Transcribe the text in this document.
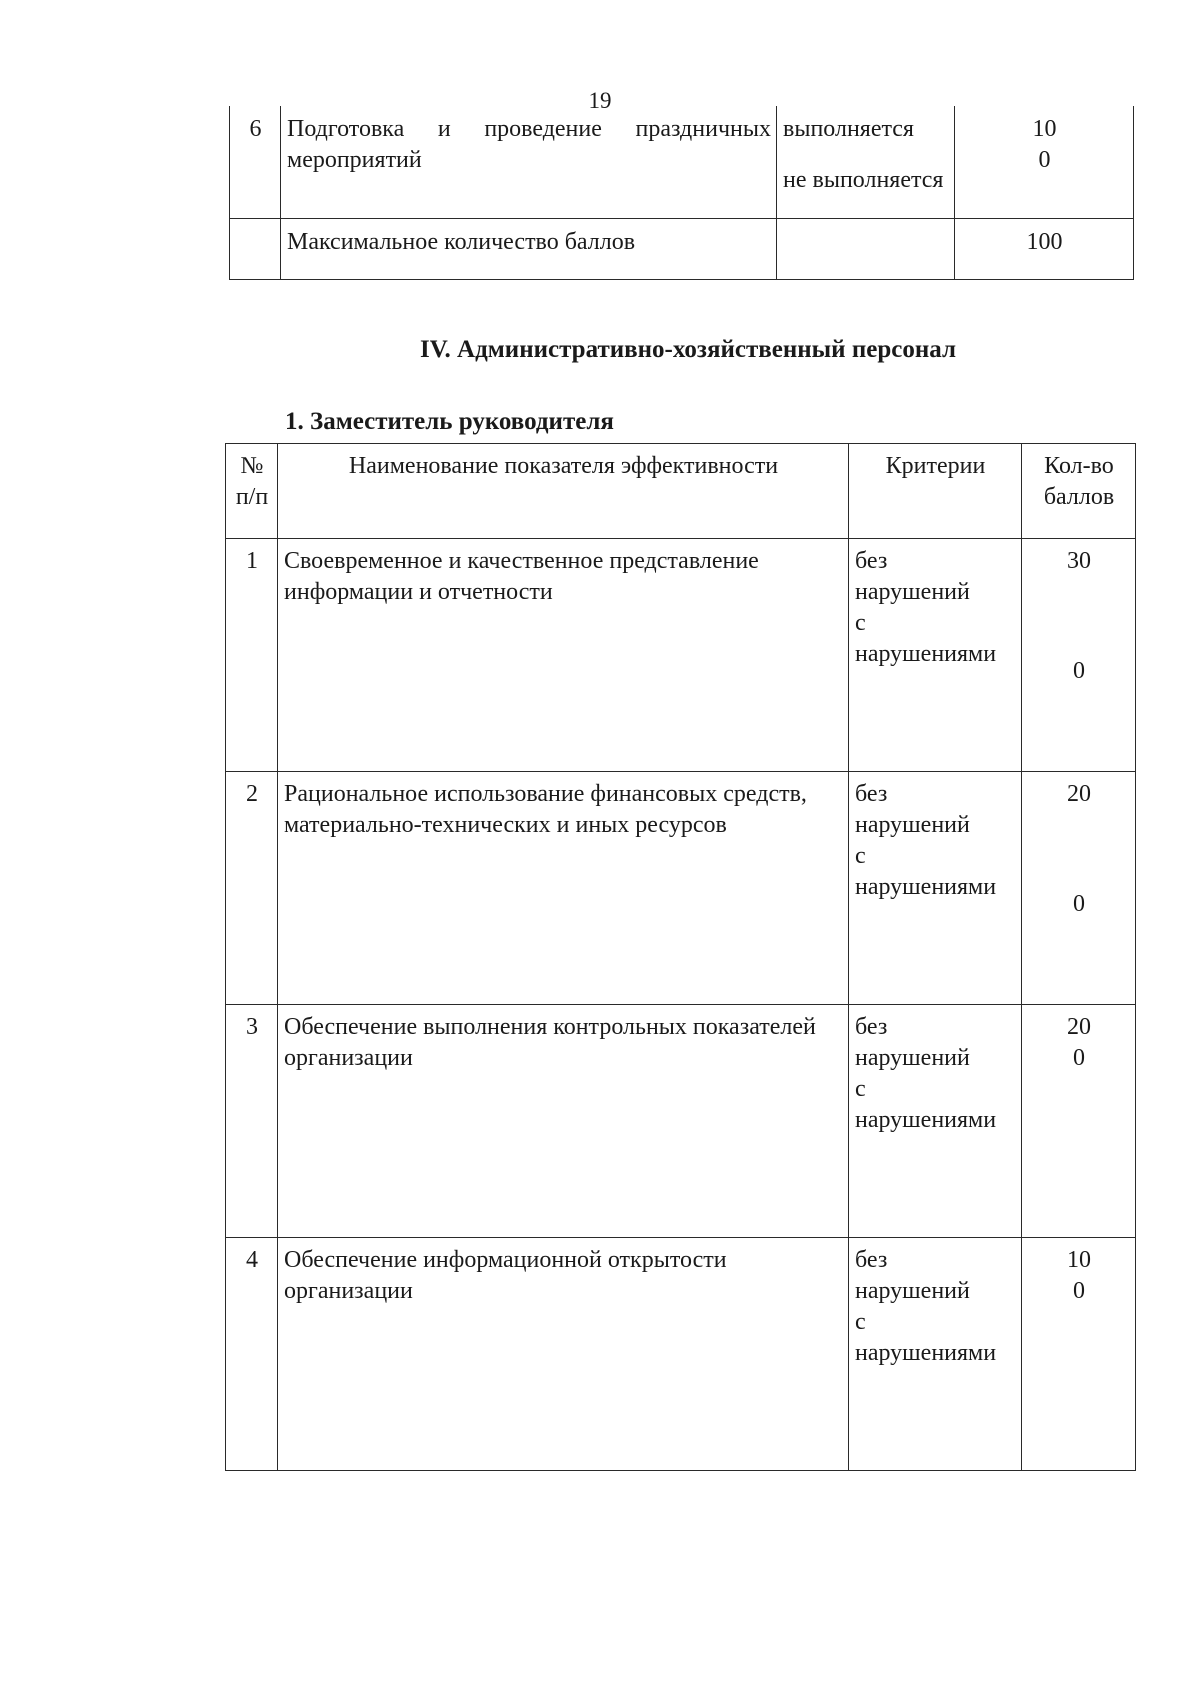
19
6	Подготовка и проведение праздничных мероприятий	выполняется
не выполняется	10
0

	Максимальное количество баллов		100
IV. Административно-хозяйственный персонал
1. Заместитель руководителя
№
п/п	Наименование показателя эффективности	Критерии	Кол-во
баллов

1	Своевременное и качественное представление информации и отчетности	без
нарушений
с
нарушениями	30
0

2	Рациональное использование финансовых средств, материально-технических и иных ресурсов	без
нарушений
с
нарушениями	20
0

3	Обеспечение выполнения контрольных показателей организации	без
нарушений
с
нарушениями	20
0

4	Обеспечение информационной открытости организации	без
нарушений
с
нарушениями	10
0
